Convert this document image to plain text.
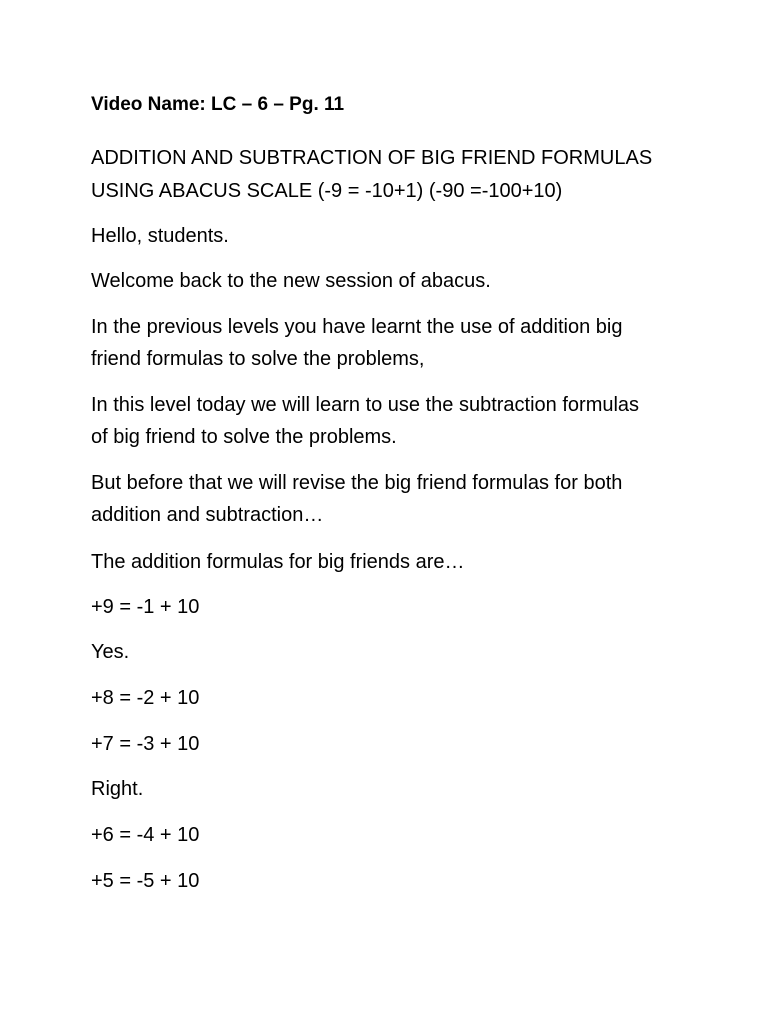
Video Name: LC – 6 – Pg. 11
ADDITION AND SUBTRACTION OF BIG FRIEND FORMULAS
USING ABACUS SCALE (-9 = -10+1) (-90 =-100+10)
Hello, students.
Welcome back to the new session of abacus.
In the previous levels you have learnt the use of addition big
friend formulas to solve the problems,
In this level today we will learn to use the subtraction formulas
of big friend to solve the problems.
But before that we will revise the big friend formulas for both
addition and subtraction…
The addition formulas for big friends are…
+9 = -1 + 10
Yes.
+8 = -2 + 10
+7 = -3 + 10
Right.
+6 = -4 + 10
+5 = -5 + 10
